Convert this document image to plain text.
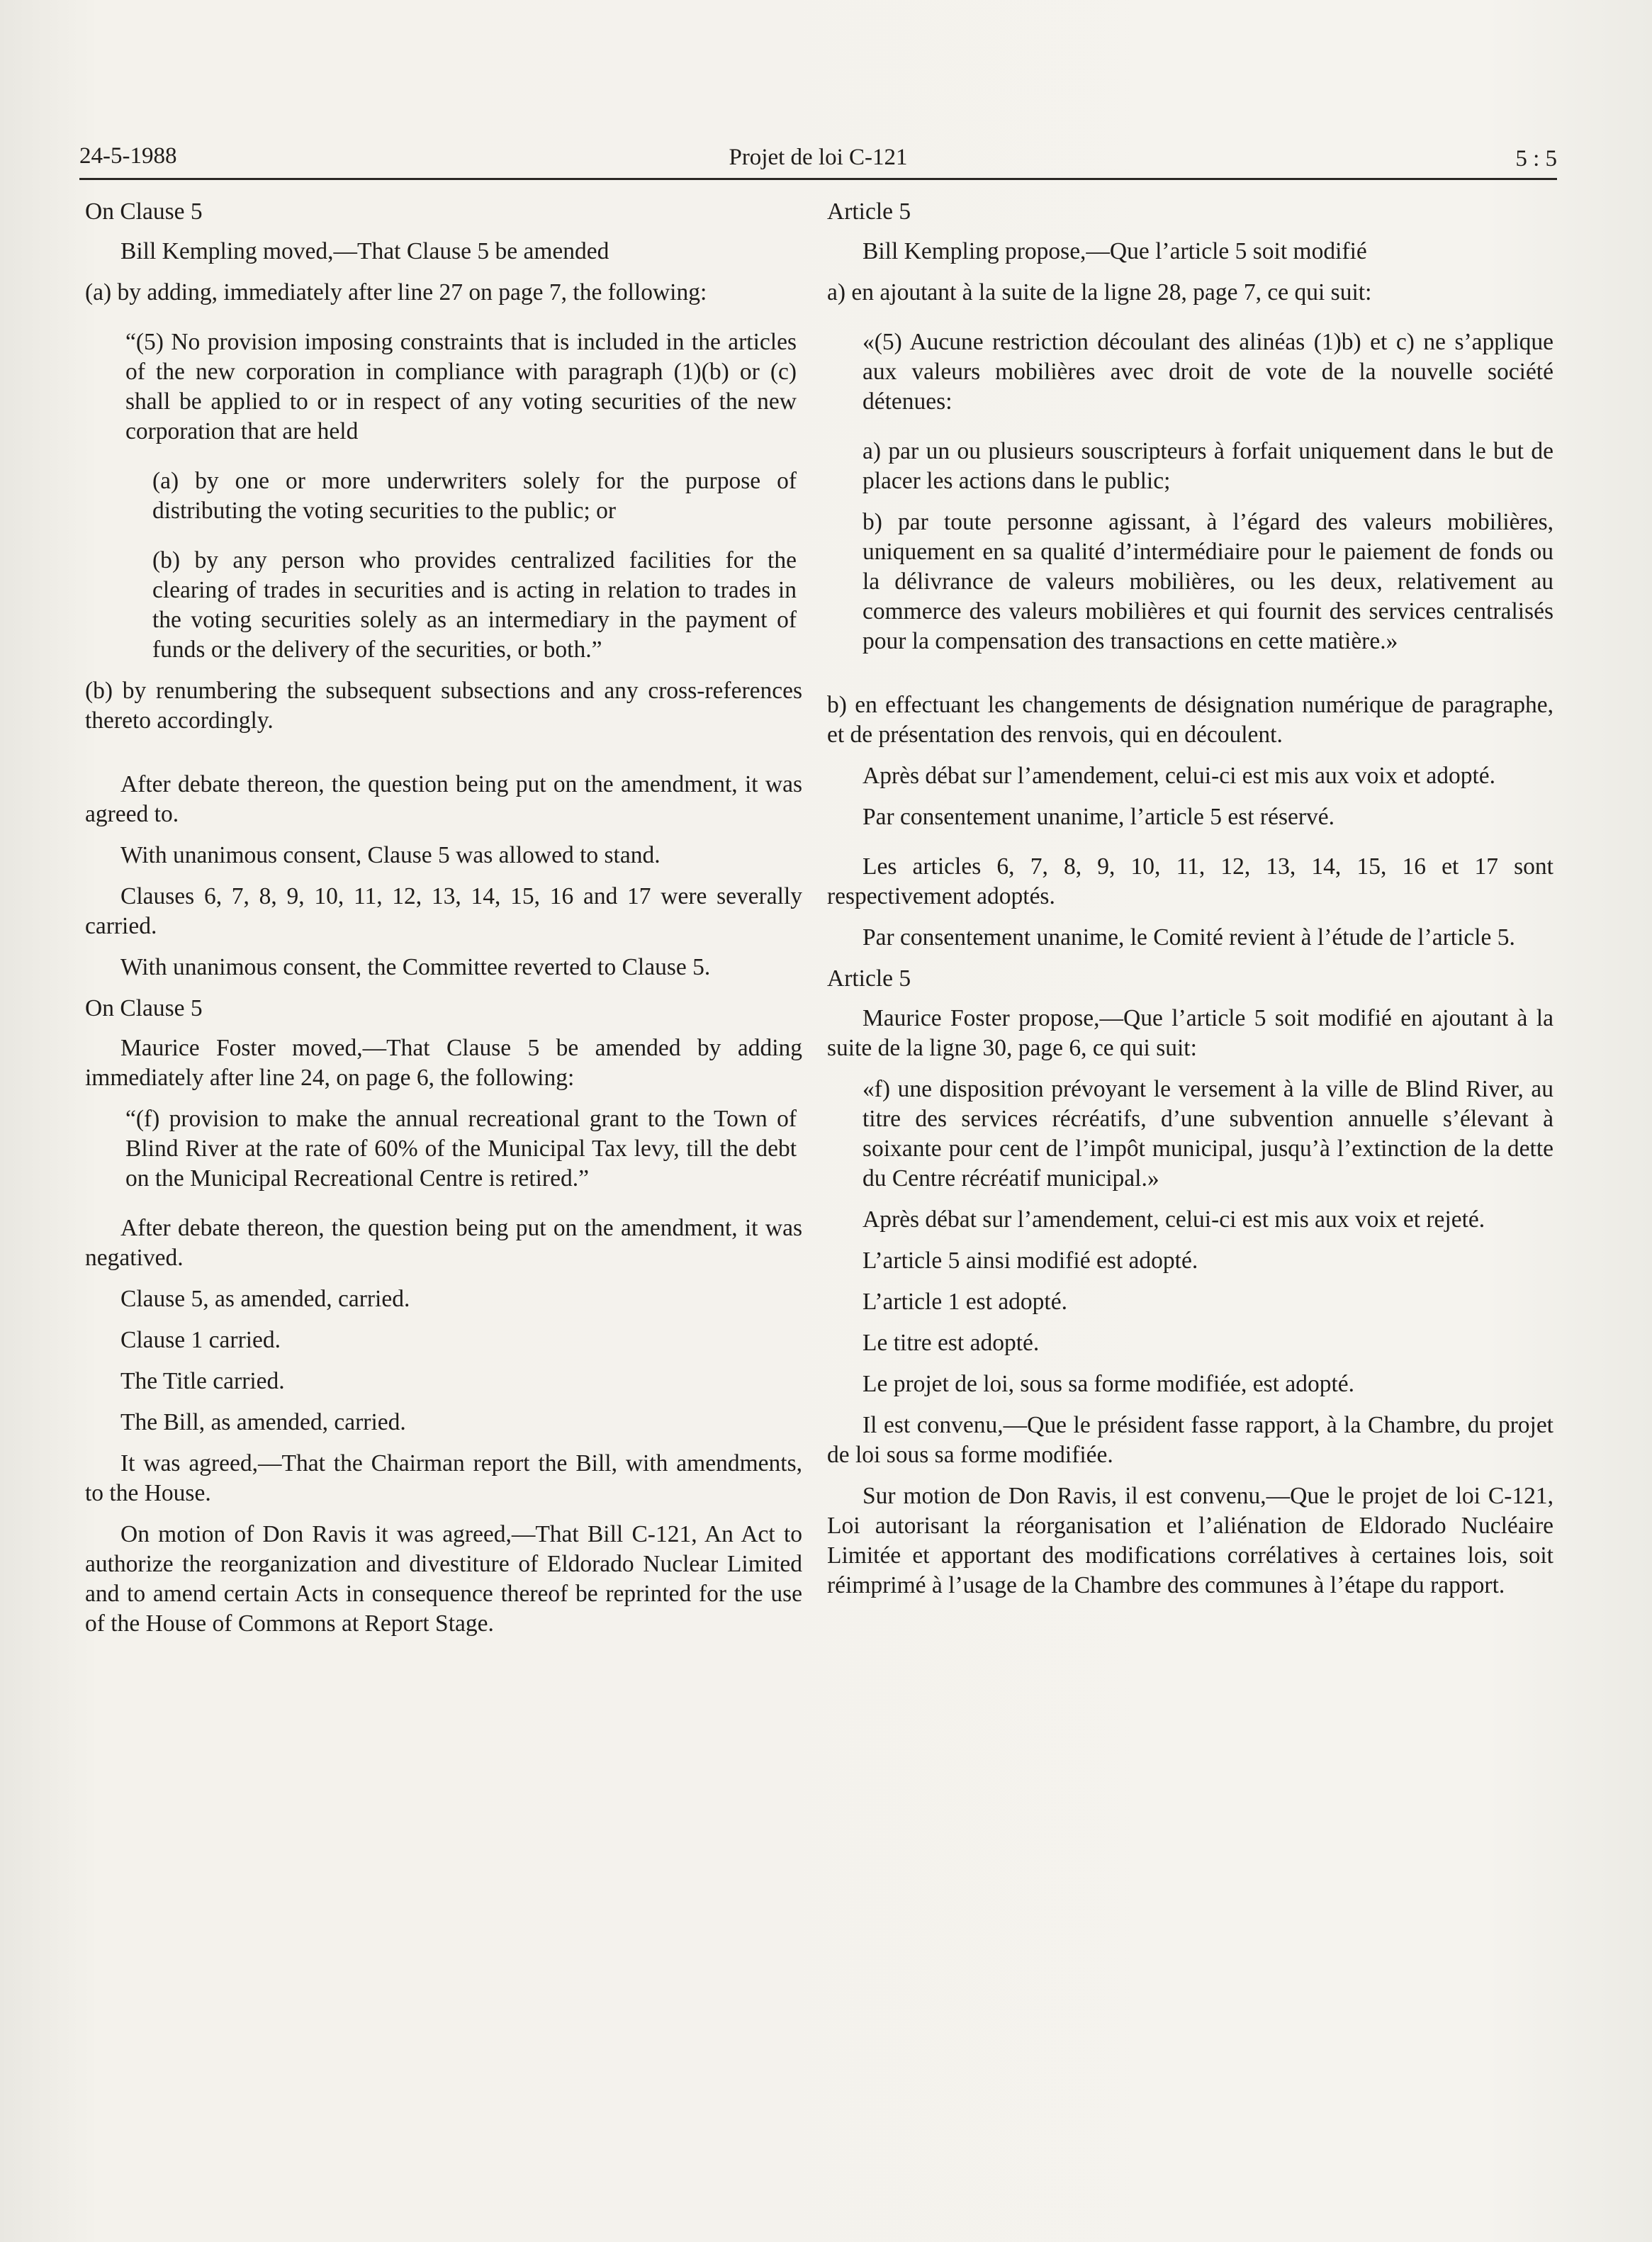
24-5-1988	Projet de loi C-121	5 : 5

On Clause 5

Bill Kempling moved,—That Clause 5 be amended

(a) by adding, immediately after line 27 on page 7, the following:

“(5) No provision imposing constraints that is included in the articles of the new corporation in compliance with paragraph (1)(b) or (c) shall be applied to or in respect of any voting securities of the new corporation that are held

(a) by one or more underwriters solely for the purpose of distributing the voting securities to the public; or

(b) by any person who provides centralized facilities for the clearing of trades in securities and is acting in relation to trades in the voting securities solely as an intermediary in the payment of funds or the delivery of the securities, or both.”

(b) by renumbering the subsequent subsections and any cross-references thereto accordingly.

After debate thereon, the question being put on the amendment, it was agreed to.

With unanimous consent, Clause 5 was allowed to stand.

Clauses 6, 7, 8, 9, 10, 11, 12, 13, 14, 15, 16 and 17 were severally carried.

With unanimous consent, the Committee reverted to Clause 5.

On Clause 5

Maurice Foster moved,—That Clause 5 be amended by adding immediately after line 24, on page 6, the following:

“(f) provision to make the annual recreational grant to the Town of Blind River at the rate of 60% of the Municipal Tax levy, till the debt on the Municipal Recreational Centre is retired.”

After debate thereon, the question being put on the amendment, it was negatived.

Clause 5, as amended, carried.

Clause 1 carried.

The Title carried.

The Bill, as amended, carried.

It was agreed,—That the Chairman report the Bill, with amendments, to the House.

On motion of Don Ravis it was agreed,—That Bill C-121, An Act to authorize the reorganization and divestiture of Eldorado Nuclear Limited and to amend certain Acts in consequence thereof be reprinted for the use of the House of Commons at Report Stage.

Article 5

Bill Kempling propose,—Que l’article 5 soit modifié

a) en ajoutant à la suite de la ligne 28, page 7, ce qui suit:

«(5) Aucune restriction découlant des alinéas (1)b) et c) ne s’applique aux valeurs mobilières avec droit de vote de la nouvelle société détenues:

a) par un ou plusieurs souscripteurs à forfait uniquement dans le but de placer les actions dans le public;

b) par toute personne agissant, à l’égard des valeurs mobilières, uniquement en sa qualité d’intermédiaire pour le paiement de fonds ou la délivrance de valeurs mobilières, ou les deux, relativement au commerce des valeurs mobilières et qui fournit des services centralisés pour la compensation des transactions en cette matière.»

b) en effectuant les changements de désignation numérique de paragraphe, et de présentation des renvois, qui en découlent.

Après débat sur l’amendement, celui-ci est mis aux voix et adopté.

Par consentement unanime, l’article 5 est réservé.

Les articles 6, 7, 8, 9, 10, 11, 12, 13, 14, 15, 16 et 17 sont respectivement adoptés.

Par consentement unanime, le Comité revient à l’étude de l’article 5.

Article 5

Maurice Foster propose,—Que l’article 5 soit modifié en ajoutant à la suite de la ligne 30, page 6, ce qui suit:

«f) une disposition prévoyant le versement à la ville de Blind River, au titre des services récréatifs, d’une subvention annuelle s’élevant à soixante pour cent de l’impôt municipal, jusqu’à l’extinction de la dette du Centre récréatif municipal.»

Après débat sur l’amendement, celui-ci est mis aux voix et rejeté.

L’article 5 ainsi modifié est adopté.

L’article 1 est adopté.

Le titre est adopté.

Le projet de loi, sous sa forme modifiée, est adopté.

Il est convenu,—Que le président fasse rapport, à la Chambre, du projet de loi sous sa forme modifiée.

Sur motion de Don Ravis, il est convenu,—Que le projet de loi C-121, Loi autorisant la réorganisation et l’aliénation de Eldorado Nucléaire Limitée et apportant des modifications corrélatives à certaines lois, soit réimprimé à l’usage de la Chambre des communes à l’étape du rapport.
